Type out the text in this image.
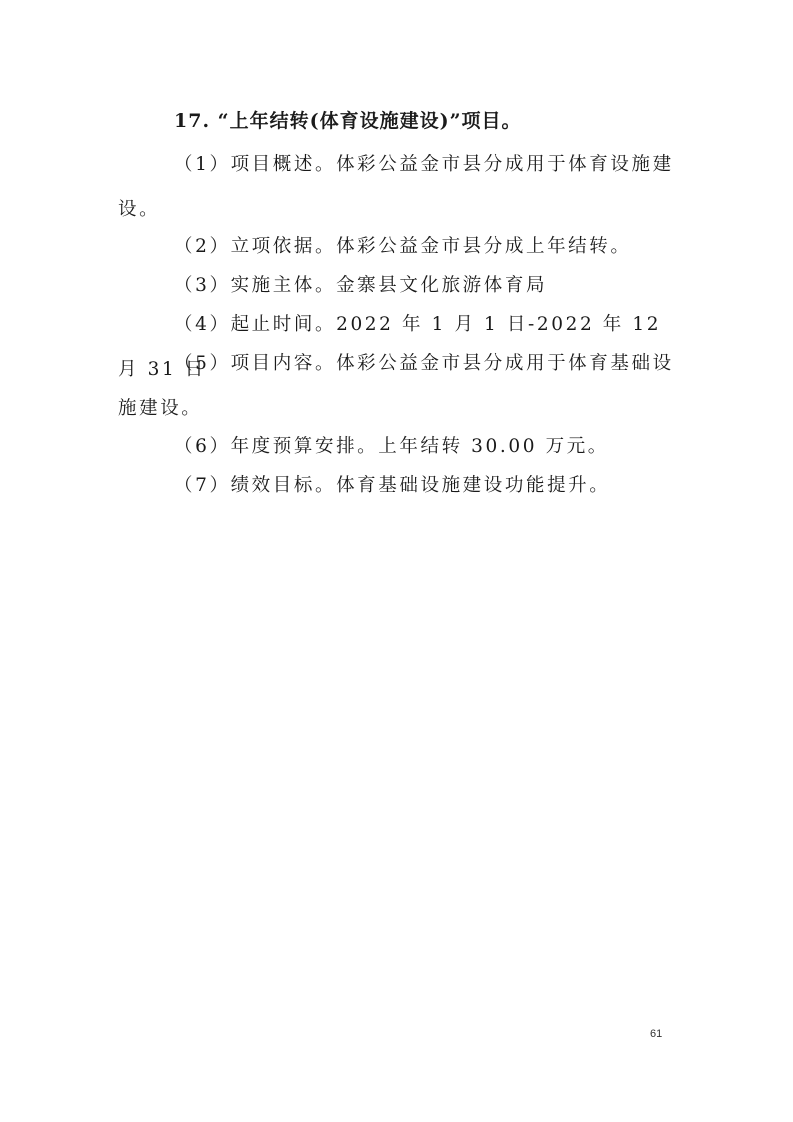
17. “上年结转(体育设施建设)”项目。

（1）项目概述。体彩公益金市县分成用于体育设施建设。

（2）立项依据。体彩公益金市县分成上年结转。

（3）实施主体。金寨县文化旅游体育局

（4）起止时间。2022 年 1 月 1 日-2022 年 12 月 31 日

（5）项目内容。体彩公益金市县分成用于体育基础设施建设。

（6）年度预算安排。上年结转 30.00 万元。

（7）绩效目标。体育基础设施建设功能提升。

61
